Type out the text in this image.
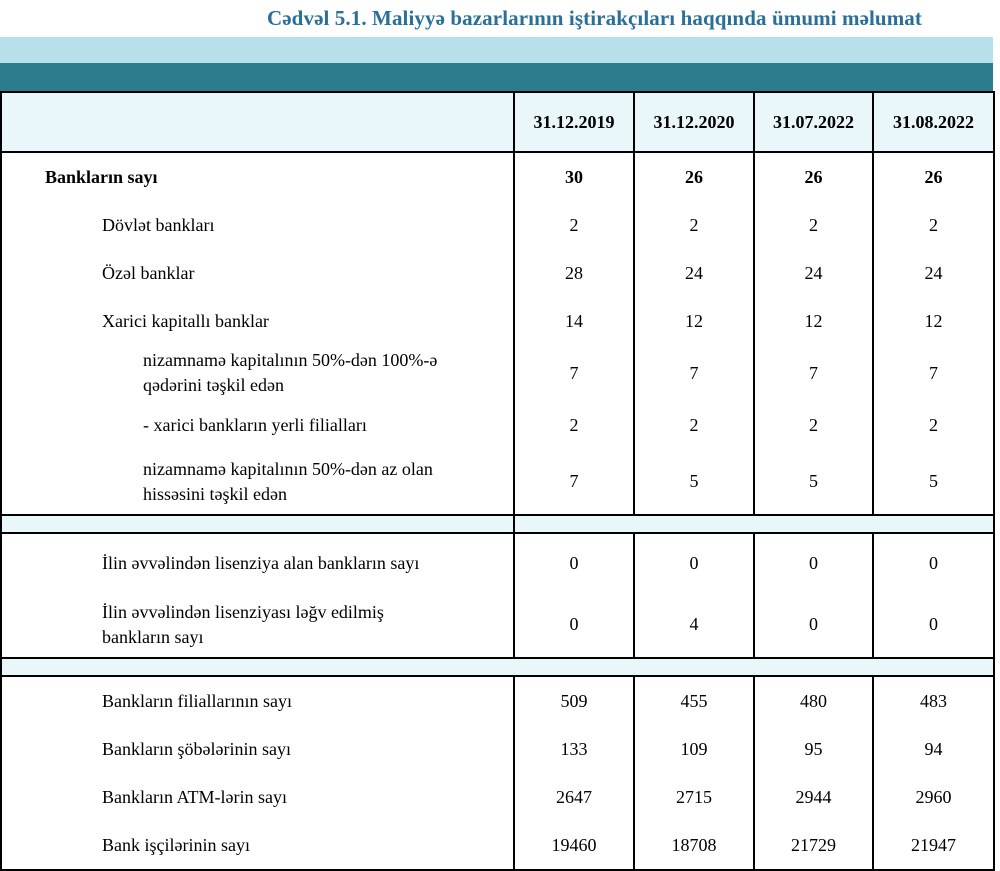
Cədvəl 5.1. Maliyyə bazarlarının iştirakçıları haqqında ümumi məlumat
	31.12.2019	31.12.2020	31.07.2022	31.08.2022
Bankların sayı	30	26	26	26
Dövlət bankları	2	2	2	2
Özəl banklar	28	24	24	24
Xarici kapitallı banklar	14	12	12	12

nizamnamə kapitalının 50%-dən 100%-ə
qədərini təşkil edən	7	7	7	7
- xarici bankların yerli filialları	2	2	2	2

nizamnamə kapitalının 50%-dən az olan
hissəsini təşkil edən	7	5	5	5

İlin əvvəlindən lisenziya alan bankların sayı	0	0	0	0

İlin əvvəlindən lisenziyası ləğv edilmiş
bankların sayı	0	4	0	0

Bankların filiallarının sayı	509	455	480	483
Bankların şöbələrinin sayı	133	109	95	94
Bankların ATM-lərin sayı	2647	2715	2944	2960
Bank işçilərinin sayı	19460	18708	21729	21947
